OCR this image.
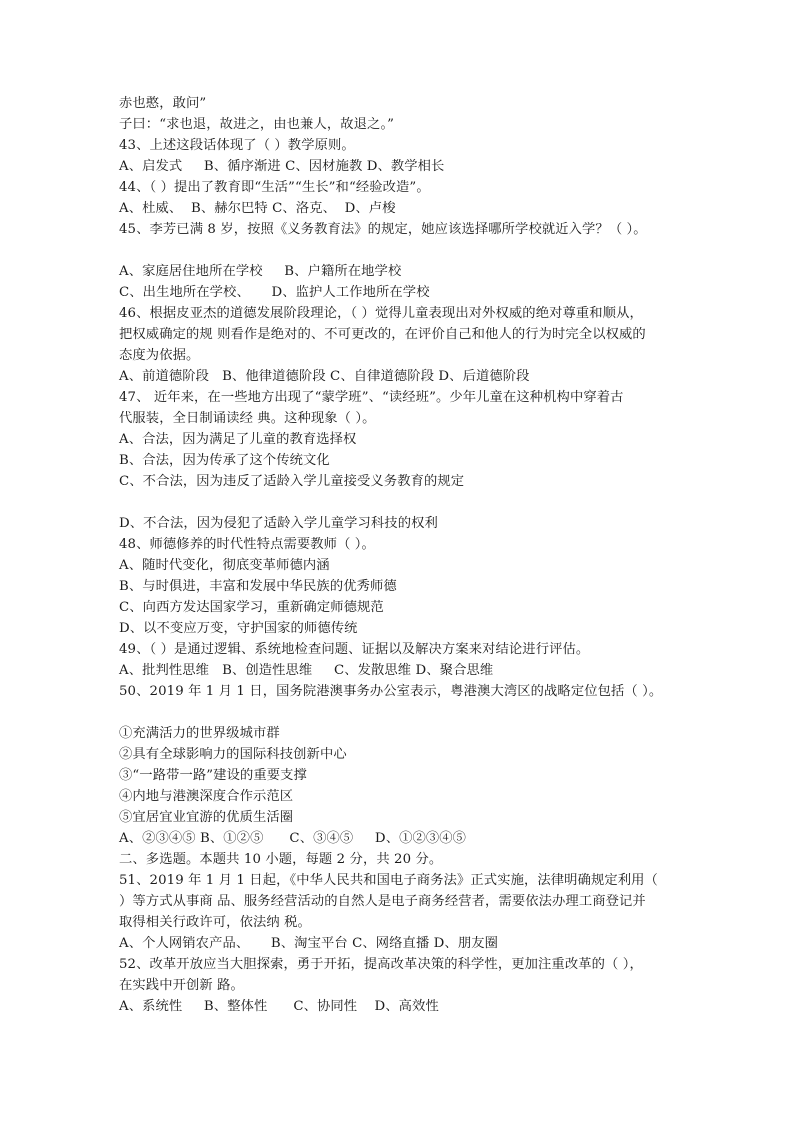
赤也憨，敢问”
子曰：“求也退，故进之，由也兼人，故退之。”
43、上述这段话体现了（ ）教学原则。
A、启发式     B、循序渐进 C、因材施教 D、教学相长
44、（ ）提出了教育即“生活”“生长”和“经验改造”。
A、杜威、  B、赫尔巴特 C、洛克、  D、卢梭
45、李芳已满 8 岁，按照《义务教育法》的规定，她应该选择哪所学校就近入学？（ ）。
A、家庭居住地所在学校     B、户籍所在地学校
C、出生地所在学校、     D、监护人工作地所在学校
46、根据皮亚杰的道德发展阶段理论，（ ）觉得儿童表现出对外权威的绝对尊重和顺从，
把权威确定的规 则看作是绝对的、不可更改的，在评价自己和他人的行为时完全以权威的
态度为依据。
A、前道德阶段   B、他律道德阶段 C、自律道德阶段 D、后道德阶段
47、 近年来，在一些地方出现了“蒙学班”、“读经班”。少年儿童在这种机构中穿着古
代服装，全日制诵读经 典。这种现象（ ）。
A、合法，因为满足了儿童的教育选择权
B、合法，因为传承了这个传统文化
C、不合法，因为违反了适龄入学儿童接受义务教育的规定
D、不合法，因为侵犯了适龄入学儿童学习科技的权利
48、师德修养的时代性特点需要教师（ ）。
A、随时代变化，彻底变革师德内涵
B、与时俱进，丰富和发展中华民族的优秀师德
C、向西方发达国家学习，重新确定师德规范
D、以不变应万变，守护国家的师德传统
49、（ ）是通过逻辑、系统地检查问题、证据以及解决方案来对结论进行评估。
A、批判性思维   B、创造性思维     C、发散思维 D、聚合思维
50、2019 年 1 月 1 日，国务院港澳事务办公室表示，粤港澳大湾区的战略定位包括（ ）。
①充满活力的世界级城市群
②具有全球影响力的国际科技创新中心
③“一路带一路”建设的重要支撑
④内地与港澳深度合作示范区
⑤宜居宜业宜游的优质生活圈
A、②③④⑤ B、①②⑤      C、③④⑤     D、①②③④⑤
二、多选题。本题共 10 小题，每题 2 分，共 20 分。
51、2019 年 1 月 1 日起，《中华人民共和国电子商务法》正式实施，法律明确规定利用（
）等方式从事商 品、服务经营活动的自然人是电子商务经营者，需要依法办理工商登记并
取得相关行政许可，依法纳 税。
A、个人网销农产品、     B、淘宝平台 C、网络直播 D、朋友圈
52、改革开放应当大胆探索，勇于开拓，提高改革决策的科学性，更加注重改革的（ ），
在实践中开创新 路。
A、系统性     B、整体性      C、协同性    D、高效性
